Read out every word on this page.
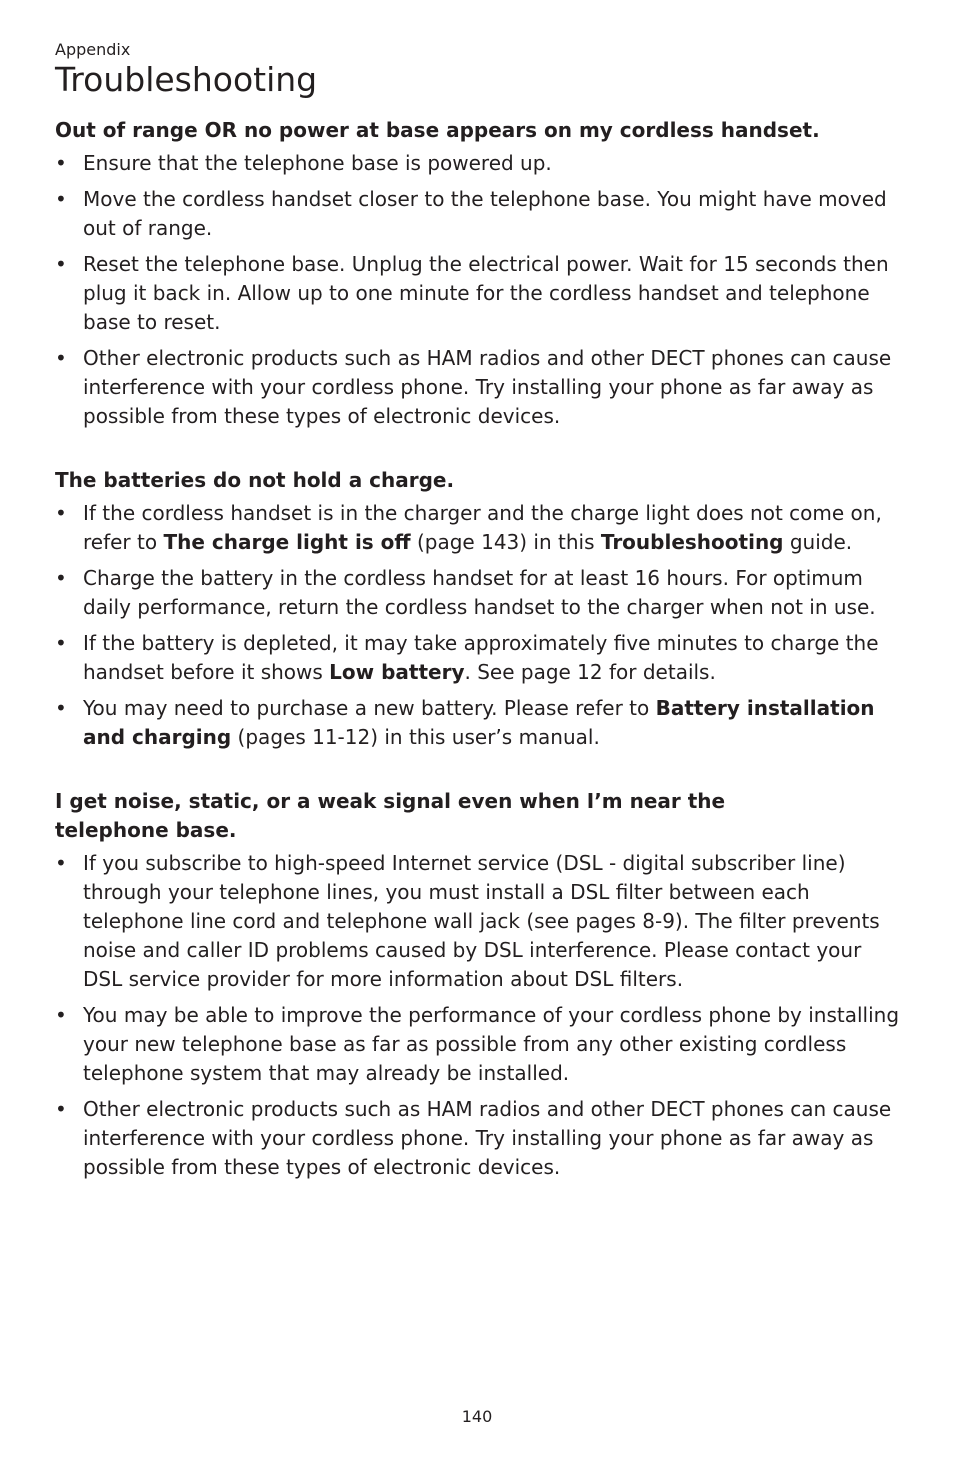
Appendix
Troubleshooting
Out of range OR no power at base appears on my cordless handset.
• Ensure that the telephone base is powered up.
• Move the cordless handset closer to the telephone base. You might have moved out of range.
• Reset the telephone base. Unplug the electrical power. Wait for 15 seconds then plug it back in. Allow up to one minute for the cordless handset and telephone base to reset.
• Other electronic products such as HAM radios and other DECT phones can cause interference with your cordless phone. Try installing your phone as far away as possible from these types of electronic devices.
The batteries do not hold a charge.
• If the cordless handset is in the charger and the charge light does not come on, refer to The charge light is off (page 143) in this Troubleshooting guide.
• Charge the battery in the cordless handset for at least 16 hours. For optimum daily performance, return the cordless handset to the charger when not in use.
• If the battery is depleted, it may take approximately five minutes to charge the handset before it shows Low battery. See page 12 for details.
• You may need to purchase a new battery. Please refer to Battery installation and charging (pages 11-12) in this user’s manual.
I get noise, static, or a weak signal even when I’m near the telephone base.
• If you subscribe to high-speed Internet service (DSL - digital subscriber line) through your telephone lines, you must install a DSL filter between each telephone line cord and telephone wall jack (see pages 8-9). The filter prevents noise and caller ID problems caused by DSL interference. Please contact your DSL service provider for more information about DSL filters.
• You may be able to improve the performance of your cordless phone by installing your new telephone base as far as possible from any other existing cordless telephone system that may already be installed.
• Other electronic products such as HAM radios and other DECT phones can cause interference with your cordless phone. Try installing your phone as far away as possible from these types of electronic devices.
140
